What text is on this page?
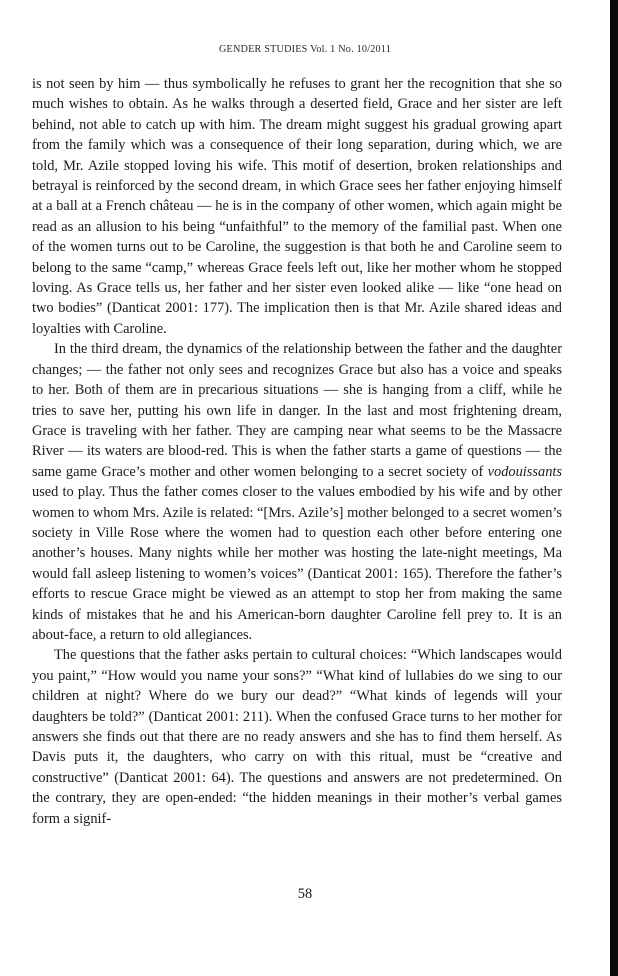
GENDER STUDIES Vol. 1 No. 10/2011

is not seen by him — thus symbolically he refuses to grant her the recognition that she so much wishes to obtain. As he walks through a deserted field, Grace and her sister are left behind, not able to catch up with him. The dream might suggest his gradual growing apart from the family which was a consequence of their long separation, during which, we are told, Mr. Azile stopped loving his wife. This motif of desertion, broken relationships and betrayal is reinforced by the second dream, in which Grace sees her father enjoying himself at a ball at a French château — he is in the company of other women, which again might be read as an allusion to his being “unfaithful” to the memory of the familial past. When one of the women turns out to be Caroline, the suggestion is that both he and Caroline seem to belong to the same “camp,” whereas Grace feels left out, like her mother whom he stopped loving. As Grace tells us, her father and her sister even looked alike — like “one head on two bodies” (Danticat 2001: 177). The implication then is that Mr. Azile shared ideas and loyalties with Caroline.

In the third dream, the dynamics of the relationship between the father and the daughter changes; — the father not only sees and recognizes Grace but also has a voice and speaks to her. Both of them are in precarious situations — she is hanging from a cliff, while he tries to save her, putting his own life in danger. In the last and most frightening dream, Grace is traveling with her father. They are camping near what seems to be the Massacre River — its waters are blood-red. This is when the father starts a game of questions — the same game Grace’s mother and other women belonging to a secret society of vodouissants used to play. Thus the father comes closer to the values embodied by his wife and by other women to whom Mrs. Azile is related: “[Mrs. Azile’s] mother belonged to a secret women’s society in Ville Rose where the women had to question each other before entering one another’s houses. Many nights while her mother was hosting the late-night meetings, Ma would fall asleep listening to women’s voices” (Danticat 2001: 165). Therefore the father’s efforts to rescue Grace might be viewed as an attempt to stop her from making the same kinds of mistakes that he and his American-born daughter Caroline fell prey to. It is an about-face, a return to old allegiances.

The questions that the father asks pertain to cultural choices: “Which landscapes would you paint,” “How would you name your sons?” “What kind of lullabies do we sing to our children at night? Where do we bury our dead?” “What kinds of legends will your daughters be told?” (Danticat 2001: 211). When the confused Grace turns to her mother for answers she finds out that there are no ready answers and she has to find them herself. As Davis puts it, the daughters, who carry on with this ritual, must be “creative and constructive” (Danticat 2001: 64). The questions and answers are not predetermined. On the contrary, they are open-ended: “the hidden meanings in their mother’s verbal games form a signif-

58
